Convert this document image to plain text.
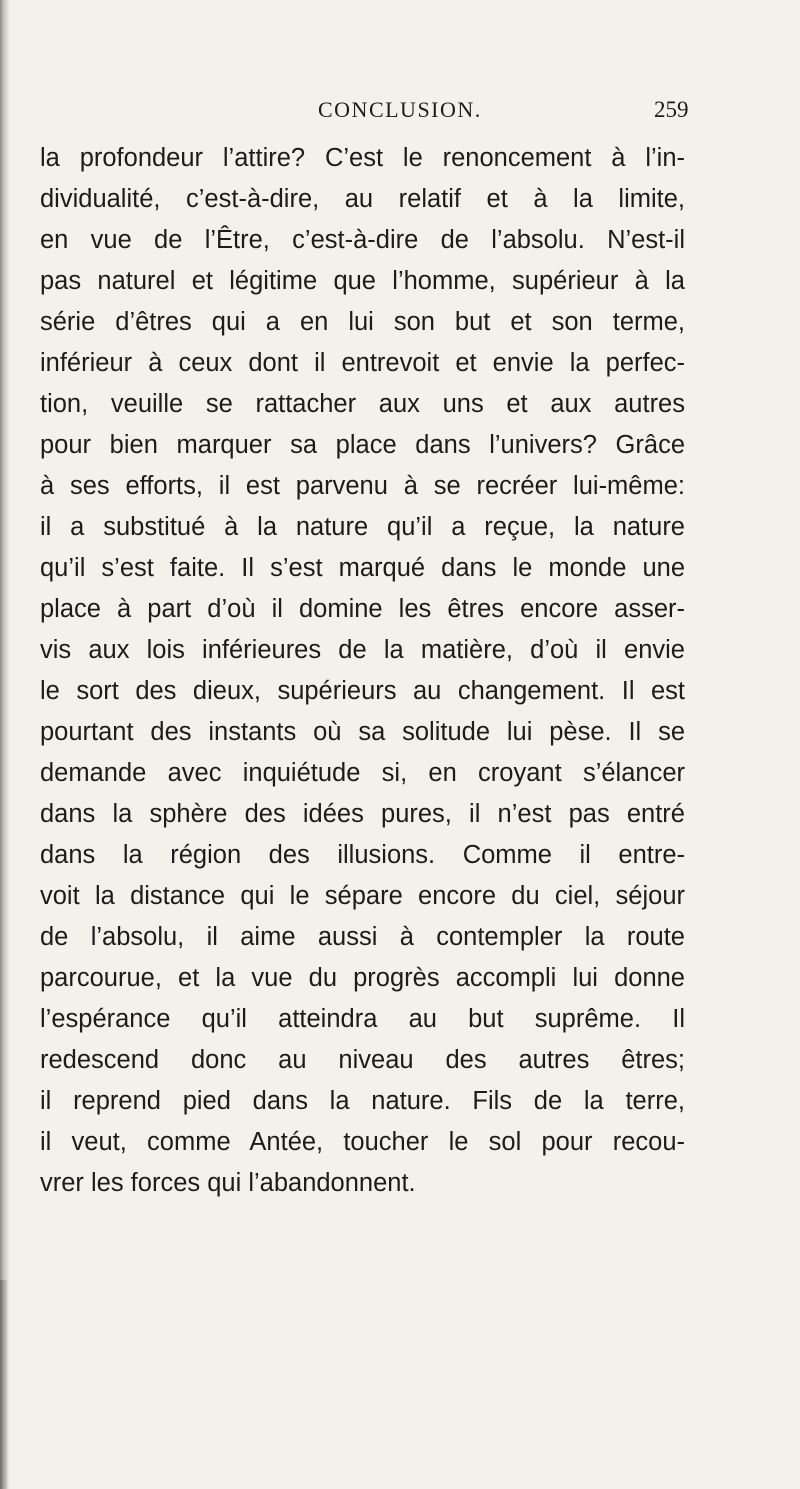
CONCLUSION.	259
la profondeur l’attire? C’est le renoncement à l’in-
dividualité, c’est-à-dire, au relatif et à la limite,
en vue de l’Être, c’est-à-dire de l’absolu. N’est-il
pas naturel et légitime que l’homme, supérieur à la
série d’êtres qui a en lui son but et son terme,
inférieur à ceux dont il entrevoit et envie la perfec-
tion, veuille se rattacher aux uns et aux autres
pour bien marquer sa place dans l’univers? Grâce
à ses efforts, il est parvenu à se recréer lui-même:
il a substitué à la nature qu’il a reçue, la nature
qu’il s’est faite. Il s’est marqué dans le monde une
place à part d’où il domine les êtres encore asser-
vis aux lois inférieures de la matière, d’où il envie
le sort des dieux, supérieurs au changement. Il est
pourtant des instants où sa solitude lui pèse. Il se
demande avec inquiétude si, en croyant s’élancer
dans la sphère des idées pures, il n’est pas entré
dans la région des illusions. Comme il entre-
voit la distance qui le sépare encore du ciel, séjour
de l’absolu, il aime aussi à contempler la route
parcourue, et la vue du progrès accompli lui donne
l’espérance qu’il atteindra au but suprême. Il
redescend donc au niveau des autres êtres;
il reprend pied dans la nature. Fils de la terre,
il veut, comme Antée, toucher le sol pour recou-
vrer les forces qui l’abandonnent.
